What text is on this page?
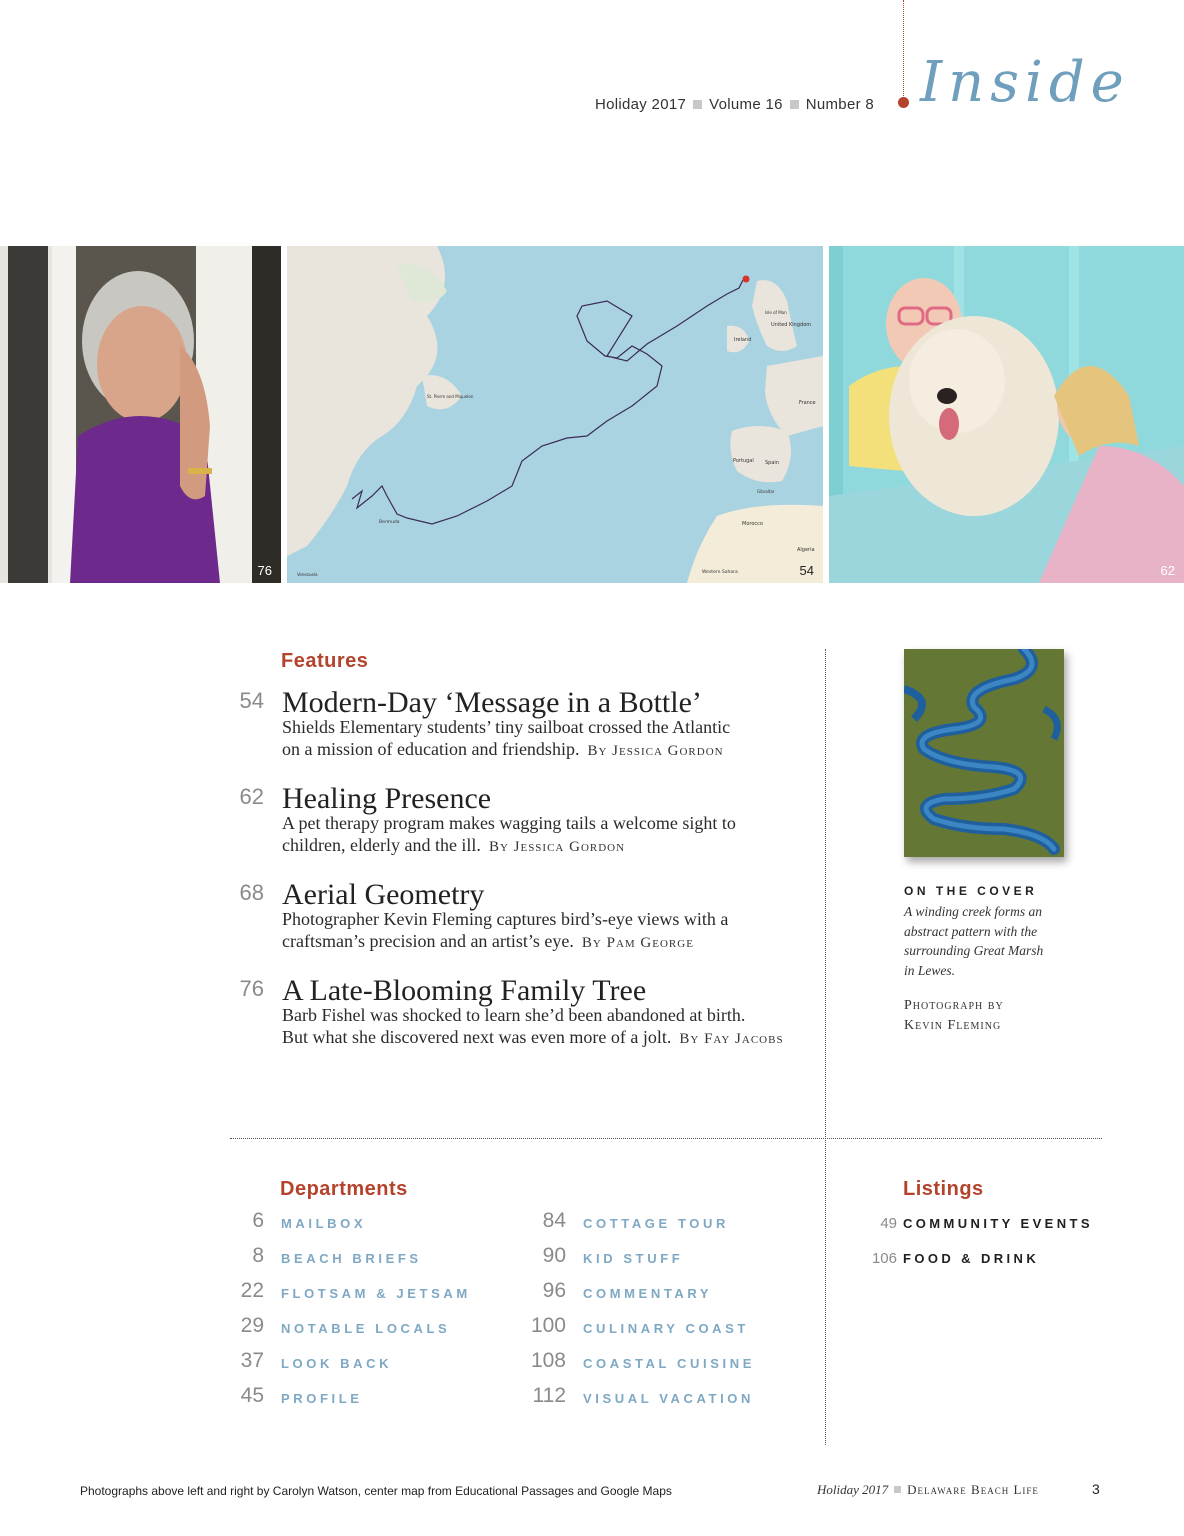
Holiday 2017 Volume 16 Number 8 Inside
76
United Kingdom
Ireland
France
Spain
Portugal
Morocco
Algeria
Western Sahara
Bermuda
St. Pierre and Miquelon
Isle of Man
Gibraltar
Venezuela	54	62
Features
54 Modern-Day ‘Message in a Bottle’
Shields Elementary students’ tiny sailboat crossed the Atlantic
on a mission of education and friendship. By Jessica Gordon
62 Healing Presence
A pet therapy program makes wagging tails a welcome sight to
children, elderly and the ill. By Jessica Gordon
68 Aerial Geometry
Photographer Kevin Fleming captures bird’s-eye views with a
craftsman’s precision and an artist’s eye. By Pam George
76 A Late-Blooming Family Tree
Barb Fishel was shocked to learn she’d been abandoned at birth.
But what she discovered next was even more of a jolt. By Fay Jacobs
ON THE COVER
A winding creek forms an
abstract pattern with the
surrounding Great Marsh
in Lewes.
Photograph by
Kevin Fleming
Departments
6 MAILBOX
8 BEACH BRIEFS
22 FLOTSAM & JETSAM
29 NOTABLE LOCALS
37 LOOK BACK
45 PROFILE
84 COTTAGE TOUR
90 KID STUFF
96 COMMENTARY
100 CULINARY COAST
108 COASTAL CUISINE
112 VISUAL VACATION
Listings
49 COMMUNITY EVENTS
106 FOOD & DRINK
Photographs above left and right by Carolyn Watson, center map from Educational Passages and Google Maps	Holiday 2017 Delaware Beach Life	3
